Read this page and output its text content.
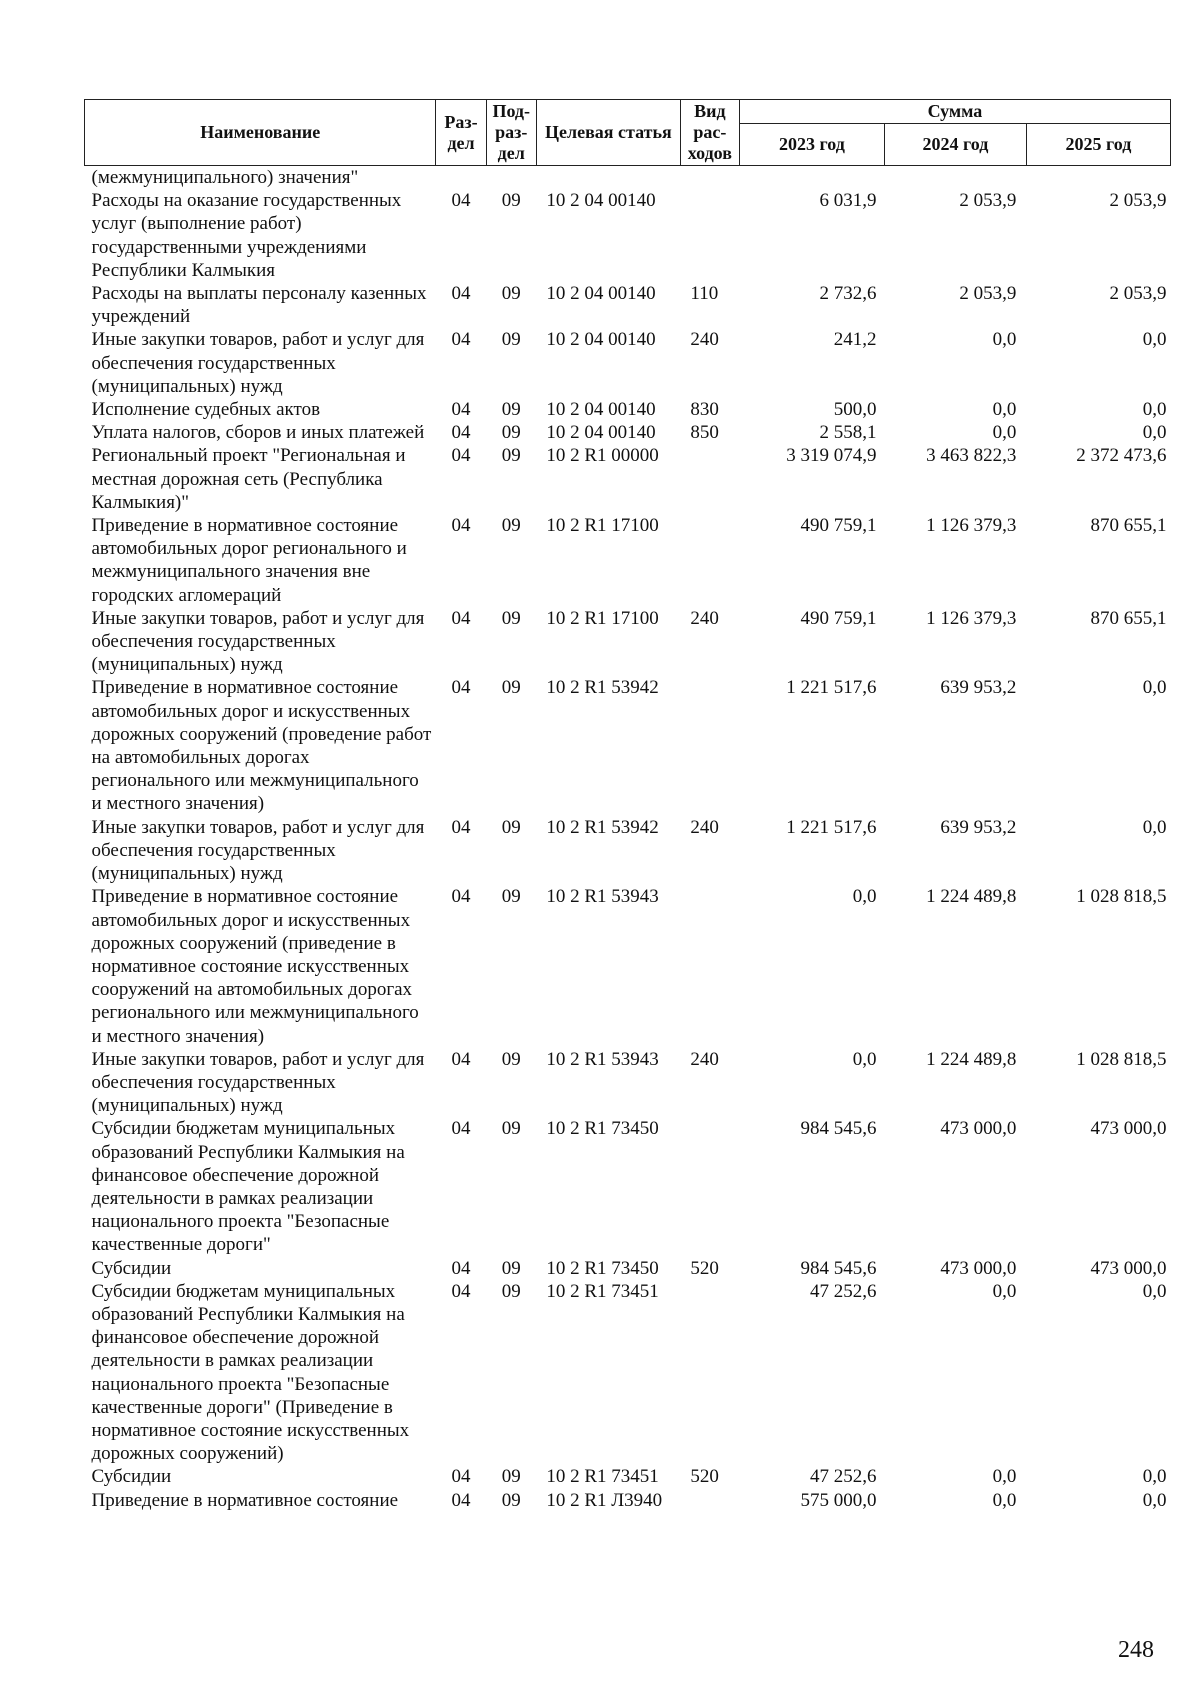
Наименование	Раз-дел	Под-раз-дел	Целевая статья	Вид рас-ходов	Сумма		
					2023 год	2024 год	2025 год
(межмуниципального) значения"							
Расходы на оказание государственных услуг (выполнение работ) государственными учреждениями Республики Калмыкия	04	09	10 2 04 00140		6 031,9	2 053,9	2 053,9
Расходы на выплаты персоналу казенных учреждений	04	09	10 2 04 00140	110	2 732,6	2 053,9	2 053,9
Иные закупки товаров, работ и услуг для обеспечения государственных (муниципальных) нужд	04	09	10 2 04 00140	240	241,2	0,0	0,0
Исполнение судебных актов	04	09	10 2 04 00140	830	500,0	0,0	0,0
Уплата налогов, сборов и иных платежей	04	09	10 2 04 00140	850	2 558,1	0,0	0,0
Региональный проект "Региональная и местная дорожная сеть (Республика Калмыкия)"	04	09	10 2 R1 00000		3 319 074,9	3 463 822,3	2 372 473,6
Приведение в нормативное состояние автомобильных дорог регионального и межмуниципального значения вне городских агломераций	04	09	10 2 R1 17100		490 759,1	1 126 379,3	870 655,1
Иные закупки товаров, работ и услуг для обеспечения государственных (муниципальных) нужд	04	09	10 2 R1 17100	240	490 759,1	1 126 379,3	870 655,1
Приведение в нормативное состояние автомобильных дорог и искусственных дорожных сооружений (проведение работ на автомобильных дорогах регионального или межмуниципального и местного значения)	04	09	10 2 R1 53942		1 221 517,6	639 953,2	0,0
Иные закупки товаров, работ и услуг для обеспечения государственных (муниципальных) нужд	04	09	10 2 R1 53942	240	1 221 517,6	639 953,2	0,0
Приведение в нормативное состояние автомобильных дорог и искусственных дорожных сооружений (приведение в нормативное состояние искусственных сооружений на автомобильных дорогах регионального или межмуниципального и местного значения)	04	09	10 2 R1 53943		0,0	1 224 489,8	1 028 818,5
Иные закупки товаров, работ и услуг для обеспечения государственных (муниципальных) нужд	04	09	10 2 R1 53943	240	0,0	1 224 489,8	1 028 818,5
Субсидии бюджетам муниципальных образований Республики Калмыкия на финансовое обеспечение дорожной деятельности в рамках реализации национального проекта "Безопасные качественные дороги"	04	09	10 2 R1 73450		984 545,6	473 000,0	473 000,0
Субсидии	04	09	10 2 R1 73450	520	984 545,6	473 000,0	473 000,0
Субсидии бюджетам муниципальных образований Республики Калмыкия на финансовое обеспечение дорожной деятельности в рамках реализации национального проекта "Безопасные качественные дороги" (Приведение в нормативное состояние искусственных дорожных сооружений)	04	09	10 2 R1 73451		47 252,6	0,0	0,0
Субсидии	04	09	10 2 R1 73451	520	47 252,6	0,0	0,0
Приведение в нормативное состояние	04	09	10 2 R1 Л3940		575 000,0	0,0	0,0
248
